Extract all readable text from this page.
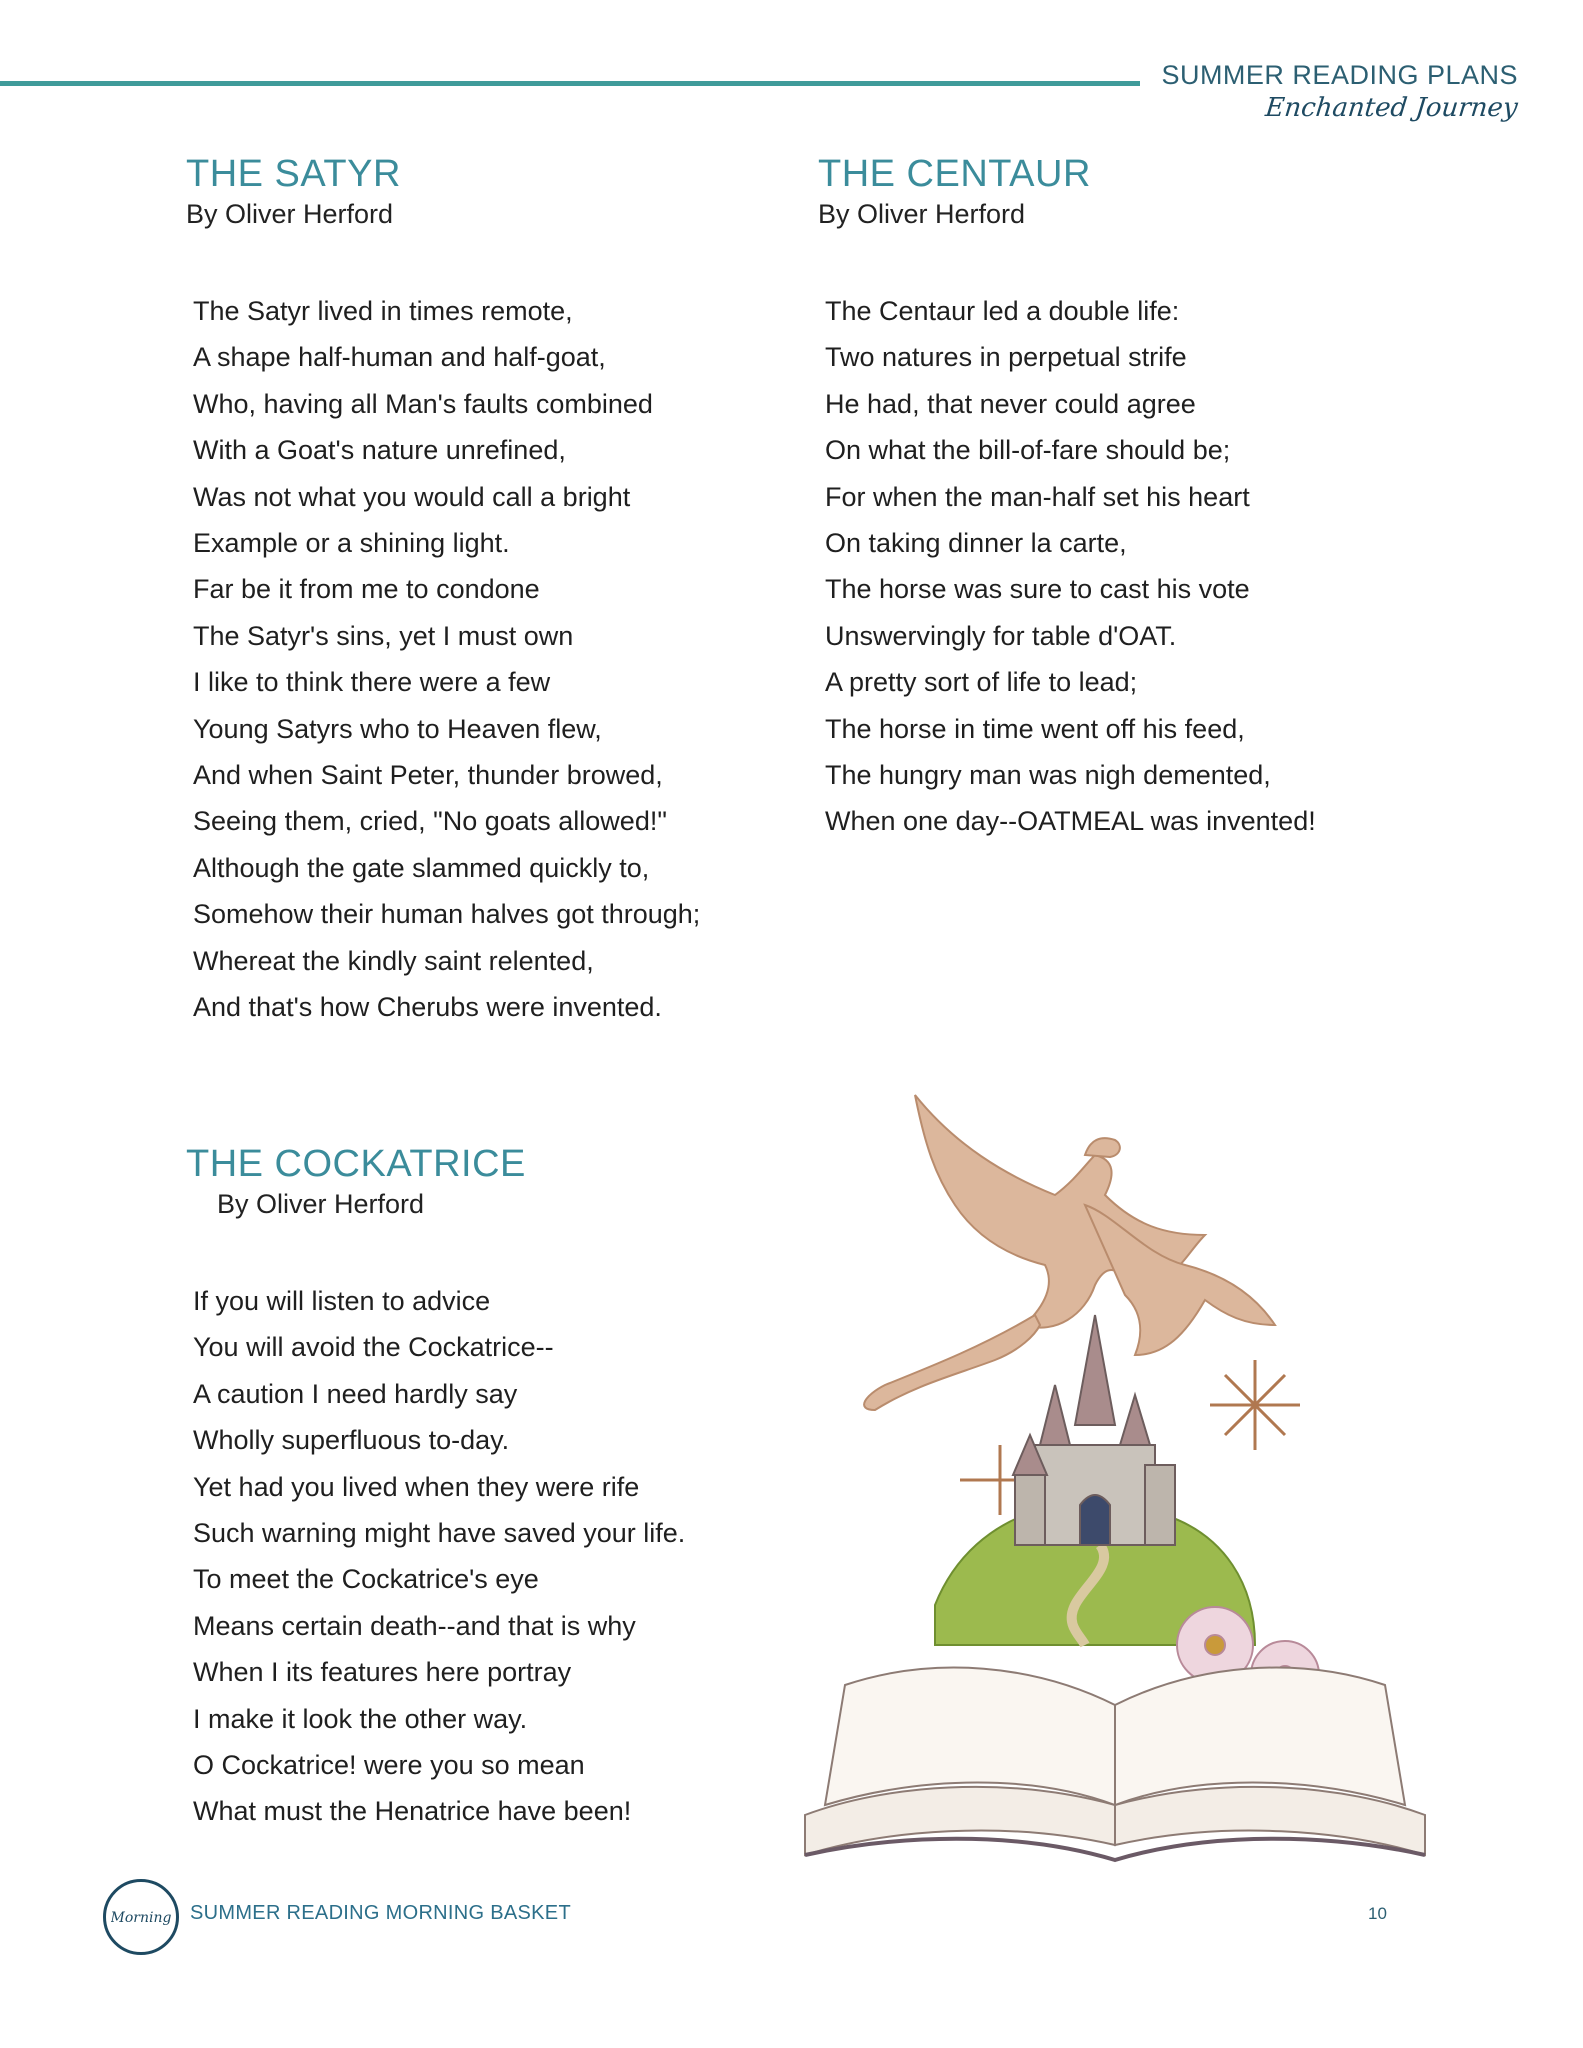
SUMMER READING PLANS
Enchanted Journey
THE SATYR
By Oliver Herford
The Satyr lived in times remote,
A shape half-human and half-goat,
Who, having all Man's faults combined
With a Goat's nature unrefined,
Was not what you would call a bright
Example or a shining light.
Far be it from me to condone
The Satyr's sins, yet I must own
I like to think there were a few
Young Satyrs who to Heaven flew,
And when Saint Peter, thunder browed,
Seeing them, cried, "No goats allowed!"
Although the gate slammed quickly to,
Somehow their human halves got through;
Whereat the kindly saint relented,
And that's how Cherubs were invented.
THE CENTAUR
By Oliver Herford
The Centaur led a double life:
Two natures in perpetual strife
He had, that never could agree
On what the bill-of-fare should be;
For when the man-half set his heart
On taking dinner la carte,
The horse was sure to cast his vote
Unswervingly for table d'OAT.
A pretty sort of life to lead;
The horse in time went off his feed,
The hungry man was nigh demented,
When one day--OATMEAL was invented!
THE COCKATRICE
By Oliver Herford
If you will listen to advice
You will avoid the Cockatrice--
A caution I need hardly say
Wholly superfluous to-day.
Yet had you lived when they were rife
Such warning might have saved your life.
To meet the Cockatrice's eye
Means certain death--and that is why
When I its features here portray
I make it look the other way.
O Cockatrice! were you so mean
What must the Henatrice have been!
Morning SUMMER READING MORNING BASKET	10
